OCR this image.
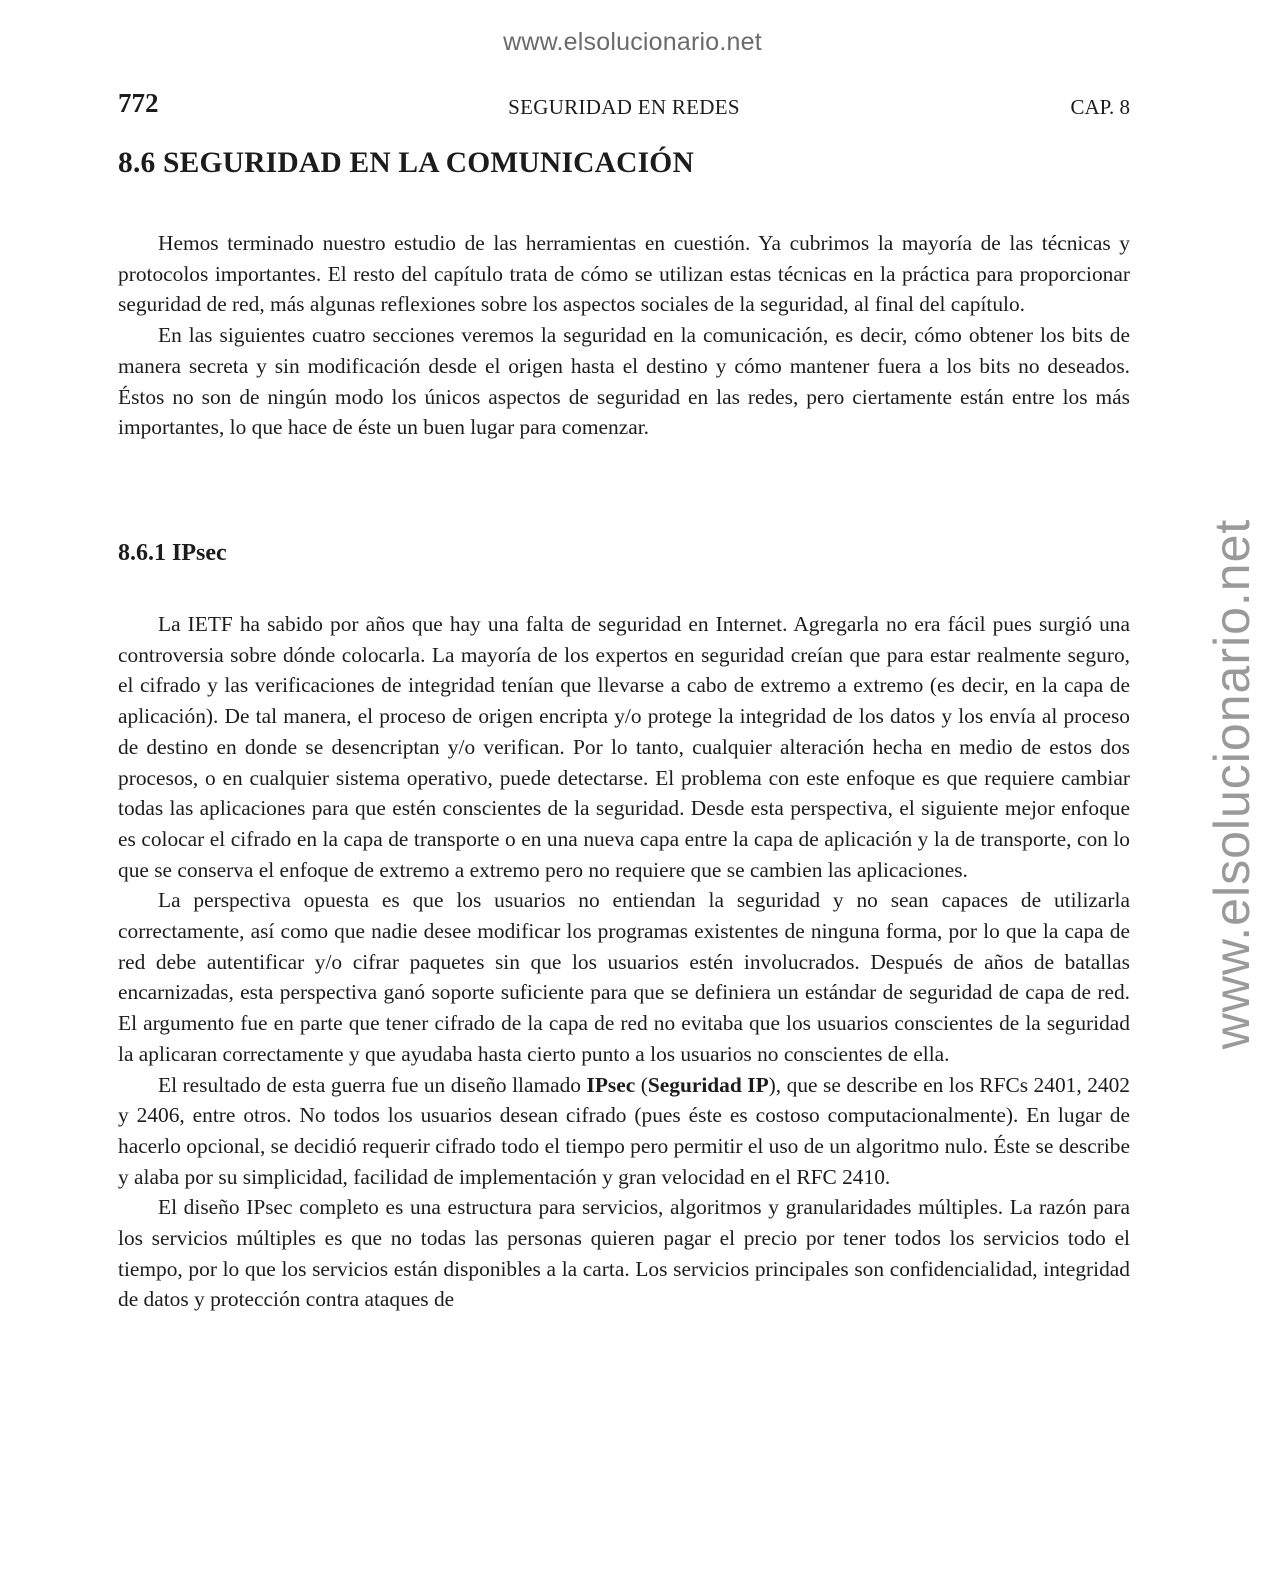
www.elsolucionario.net
www.elsolucionario.net
772	SEGURIDAD EN REDES	CAP. 8
8.6 SEGURIDAD EN LA COMUNICACIÓN

Hemos terminado nuestro estudio de las herramientas en cuestión. Ya cubrimos la mayoría de las técnicas y protocolos importantes. El resto del capítulo trata de cómo se utilizan estas técnicas en la práctica para proporcionar seguridad de red, más algunas reflexiones sobre los aspectos sociales de la seguridad, al final del capítulo.

En las siguientes cuatro secciones veremos la seguridad en la comunicación, es decir, cómo obtener los bits de manera secreta y sin modificación desde el origen hasta el destino y cómo mantener fuera a los bits no deseados. Éstos no son de ningún modo los únicos aspectos de seguridad en las redes, pero ciertamente están entre los más importantes, lo que hace de éste un buen lugar para comenzar.

8.6.1 IPsec

La IETF ha sabido por años que hay una falta de seguridad en Internet. Agregarla no era fácil pues surgió una controversia sobre dónde colocarla. La mayoría de los expertos en seguridad creían que para estar realmente seguro, el cifrado y las verificaciones de integridad tenían que llevarse a cabo de extremo a extremo (es decir, en la capa de aplicación). De tal manera, el proceso de origen encripta y/o protege la integridad de los datos y los envía al proceso de destino en donde se desencriptan y/o verifican. Por lo tanto, cualquier alteración hecha en medio de estos dos procesos, o en cualquier sistema operativo, puede detectarse. El problema con este enfoque es que requiere cambiar todas las aplicaciones para que estén conscientes de la seguridad. Desde esta perspectiva, el siguiente mejor enfoque es colocar el cifrado en la capa de transporte o en una nueva capa entre la capa de aplicación y la de transporte, con lo que se conserva el enfoque de extremo a extremo pero no requiere que se cambien las aplicaciones.

La perspectiva opuesta es que los usuarios no entiendan la seguridad y no sean capaces de utilizarla correctamente, así como que nadie desee modificar los programas existentes de ninguna forma, por lo que la capa de red debe autentificar y/o cifrar paquetes sin que los usuarios estén involucrados. Después de años de batallas encarnizadas, esta perspectiva ganó soporte suficiente para que se definiera un estándar de seguridad de capa de red. El argumento fue en parte que tener cifrado de la capa de red no evitaba que los usuarios conscientes de la seguridad la aplicaran correctamente y que ayudaba hasta cierto punto a los usuarios no conscientes de ella.

El resultado de esta guerra fue un diseño llamado IPsec (Seguridad IP), que se describe en los RFCs 2401, 2402 y 2406, entre otros. No todos los usuarios desean cifrado (pues éste es costoso computacionalmente). En lugar de hacerlo opcional, se decidió requerir cifrado todo el tiempo pero permitir el uso de un algoritmo nulo. Éste se describe y alaba por su simplicidad, facilidad de implementación y gran velocidad en el RFC 2410.

El diseño IPsec completo es una estructura para servicios, algoritmos y granularidades múltiples. La razón para los servicios múltiples es que no todas las personas quieren pagar el precio por tener todos los servicios todo el tiempo, por lo que los servicios están disponibles a la carta. Los servicios principales son confidencialidad, integridad de datos y protección contra ataques de
